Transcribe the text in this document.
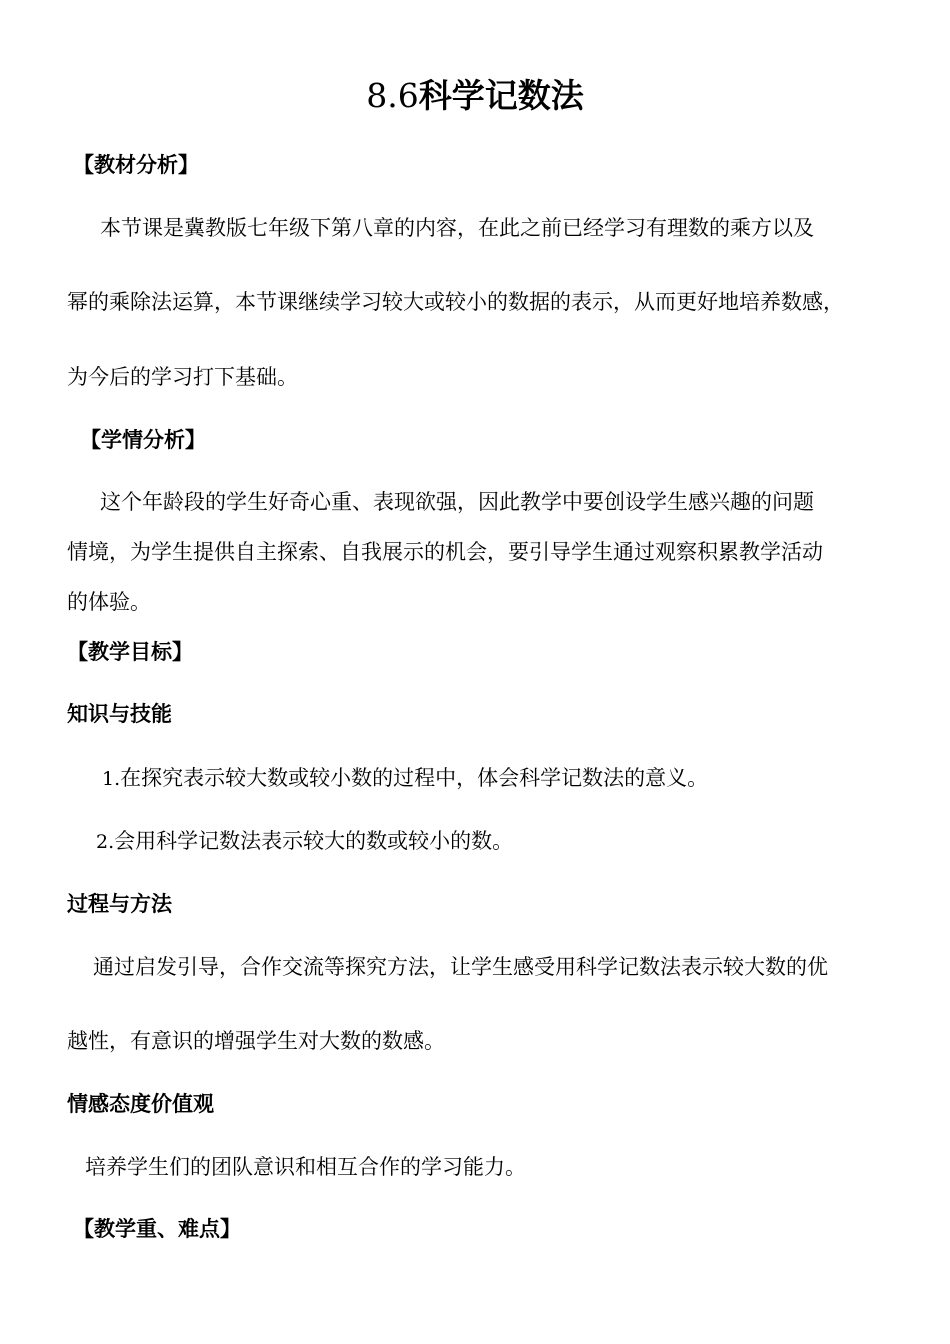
8.6科学记数法
【教材分析】
本节课是冀教版七年级下第八章的内容，在此之前已经学习有理数的乘方以及
幂的乘除法运算，本节课继续学习较大或较小的数据的表示，从而更好地培养数感，
为今后的学习打下基础。
【学情分析】
这个年龄段的学生好奇心重、表现欲强，因此教学中要创设学生感兴趣的问题
情境，为学生提供自主探索、自我展示的机会，要引导学生通过观察积累教学活动
的体验。
【教学目标】
知识与技能
1.在探究表示较大数或较小数的过程中，体会科学记数法的意义。
2.会用科学记数法表示较大的数或较小的数。
过程与方法
通过启发引导，合作交流等探究方法，让学生感受用科学记数法表示较大数的优
越性，有意识的增强学生对大数的数感。
情感态度价值观
培养学生们的团队意识和相互合作的学习能力。
【教学重、难点】
